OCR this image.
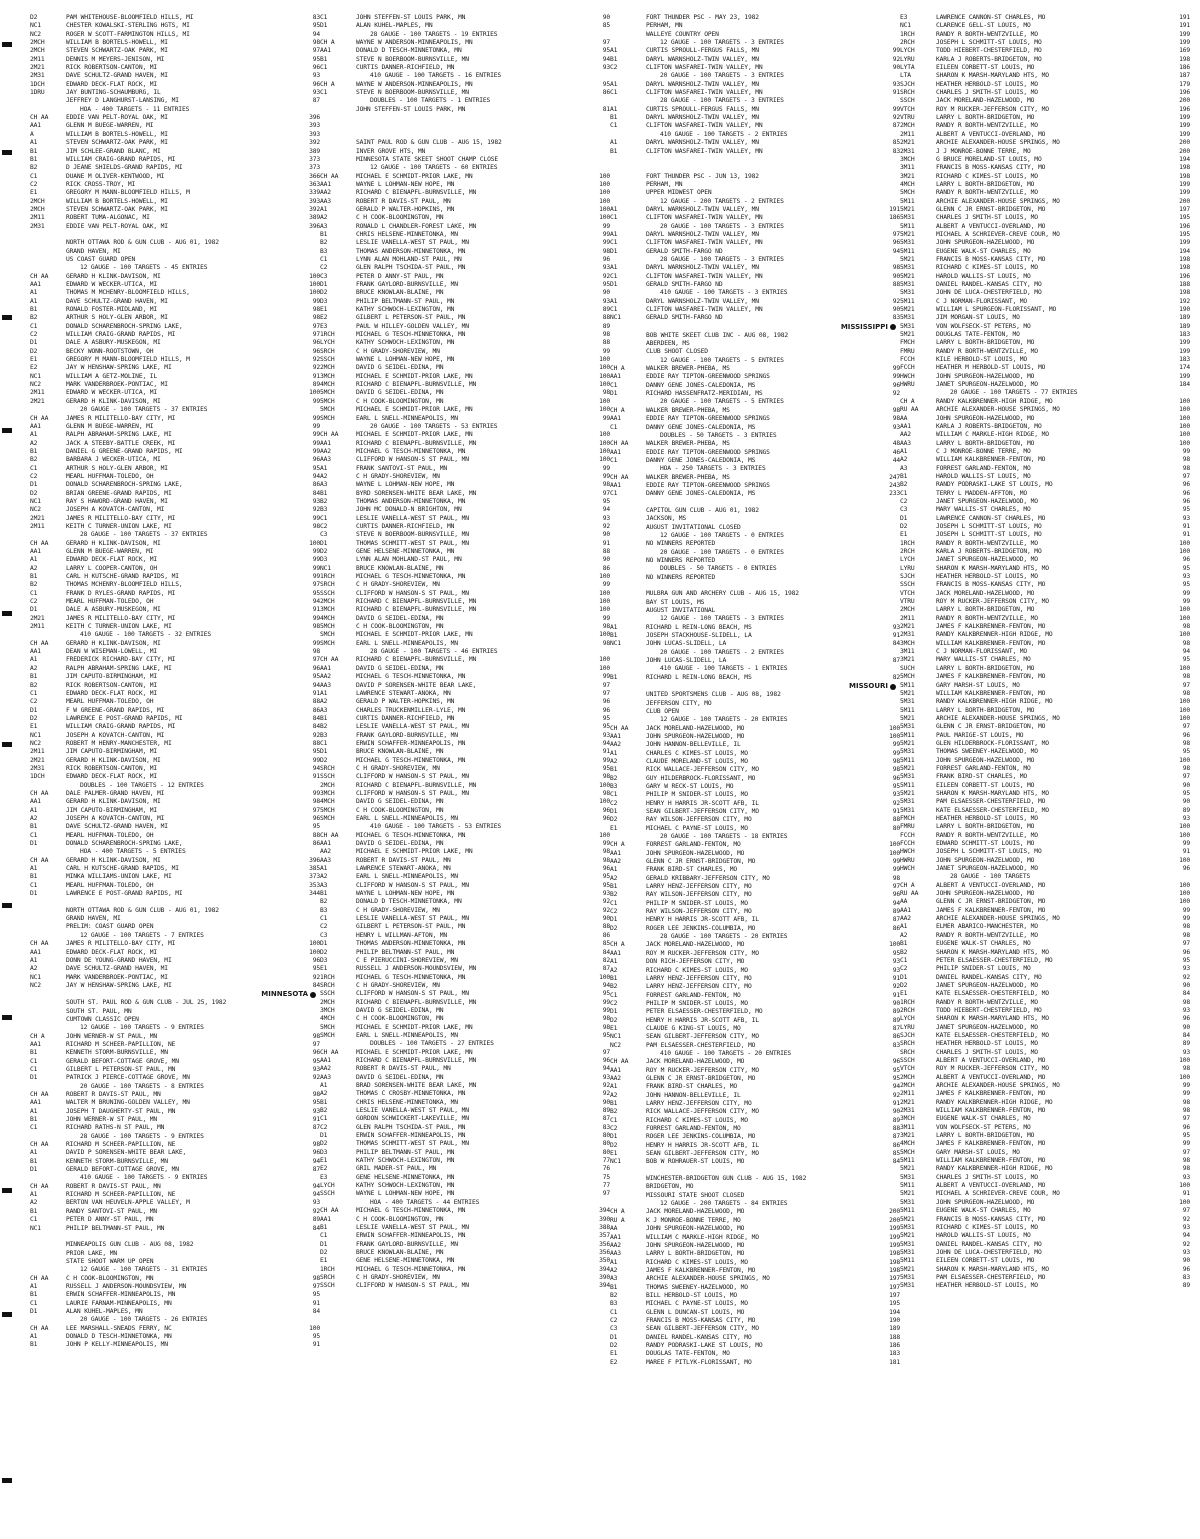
D2	PAM WHITEHOUSE-BLOOMFIELD HILLS, MI	83
NC1	CHESTER KOWALSKI-STERLING HGTS, MI	95
NC2	ROGER W SCOTT-FARMINGTON HILLS, MI	94
2MCH	WILLIAM B BORTELS-HOWELL, MI	98
2MCH	STEVEN SCHWARTZ-OAK PARK, MI	97
2M11	DENNIS M MEYERS-JENISON, MI	95
2M21	RICK ROBERTSON-CANTON, MI	96
2M31	DAVE SCHULTZ-GRAND HAVEN, MI	93
1DCH	EDWARD DECK-FLAT ROCK, MI	96
1DRU	JAY BUNTING-SCHAUMBURG, IL	93
JEFFREY D LANGHURST-LANSING, MI	87
HOA - 400 TARGETS - 11 ENTRIES
CH AA	EDDIE VAN PELT-ROYAL OAK, MI	396
AA1	GLENN M BUEGE-WARREN, MI	393
A	WILLIAM B BORTELS-HOWELL, MI	393
A1	STEVEN SCHWARTZ-OAK PARK, MI	392
B1	JIM SCHLEE-GRAND BLANC, MI	389
B1	WILLIAM CRAIG-GRAND RAPIDS, MI	373
B2	D JEANE SHIELDS-GRAND RAPIDS, MI	373
C1	DUANE M OLIVER-KENTWOOD, MI	366
C2	RICK CROSS-TROY, MI	363
E1	GREGORY M MANN-BLOOMFIELD HILLS, M	339
2MCH	WILLIAM B BORTELS-HOWELL, MI	393
2MCH	STEVEN SCHWARTZ-OAK PARK, MI	392
2M11	ROBERT TUMA-ALGONAC, MI	389
2M31	EDDIE VAN PELT-ROYAL OAK, MI	396
NORTH OTTAWA ROD & GUN CLUB - AUG 01, 1982
GRAND HAVEN, MI
US COAST GUARD OPEN
12 GAUGE - 100 TARGETS - 45 ENTRIES
CH AA	GERARD H KLINK-DAVISON, MI	100
AA1	EDWARD W WECKER-UTICA, MI	100
A1	THOMAS M MCHENRY-BLOOMFIELD HILLS,	100
A1	DAVE SCHULTZ-GRAND HAVEN, MI	99
B1	RONALD FOSTER-MIDLAND, MI	98
B2	ARTHUR S HOLY-GLEN ARBOR, MI	98
C1	DONALD SCHARENBROCH-SPRING LAKE,	97
C2	WILLIAM CRAIG-GRAND RAPIDS, MI	97
D1	DALE A ASBURY-MUSKEGON, MI	96
D2	BECKY WONN-ROOTSTOWN, OH	96
E1	GREGORY M MANN-BLOOMFIELD HILLS, M	92
E2	JAY W HENSHAW-SPRING LAKE, MI	92
NC1	WILLIAM A GETZ-MOLINE, IL	91
NC2	MARK VANDERBROEK-PONTIAC, MI	89
2M11	EDWARD W WECKER-UTICA, MI	100
2M21	GERARD H KLINK-DAVISON, MI	99
20 GAUGE - 100 TARGETS - 37 ENTRIES
CH AA	JAMES R MILITELLO-BAY CITY, MI	99
AA1	GLENN M BUEGE-WARREN, MI	99
A1	RALPH ABRAHAM-SPRING LAKE, MI	99
A2	JACK A STEEBY-BATTLE CREEK, MI	99
B1	DANIEL G GREENE-GRAND RAPIDS, MI	99
B2	BARBARA J WECKER-UTICA, MI	96
C1	ARTHUR S HOLY-GLEN ARBOR, MI	95
C2	MEARL HUFFMAN-TOLEDO, OH	94
D1	DONALD SCHARENBROCH-SPRING LAKE,	86
D2	BRIAN GREENE-GRAND RAPIDS, MI	84
NC1	RAY S HAWORD-GRAND HAVEN, MI	93
NC2	JOSEPH A KOVATCH-CANTON, MI	92
2M21	JAMES R MILITELLO-BAY CITY, MI	99
2M11	KEITH C TURNER-UNION LAKE, MI	98
28 GAUGE - 100 TARGETS - 37 ENTRIES
CH AA	GERARD H KLINK-DAVISON, MI	100
AA1	GLENN M BUEGE-WARREN, MI	99
A1	EDWARD DECK-FLAT ROCK, MI	99
A2	LARRY L COOPER-CANTON, OH	99
B1	CARL H KUTSCHE-GRAND RAPIDS, MI	99
B2	THOMAS MCHENRY-BLOOMFIELD HILLS,	97
C1	FRANK D RYLES-GRAND RAPIDS, MI	95
C2	MEARL HUFFMAN-TOLEDO, OH	94
D1	DALE A ASBURY-MUSKEGON, MI	91
2M21	JAMES R MILITELLO-BAY CITY, MI	99
2M11	KEITH C TURNER-UNION LAKE, MI	98
410 GAUGE - 100 TARGETS - 32 ENTRIES
CH AA	GERARD H KLINK-DAVISON, MI	99
AA1	DEAN W WISEMAN-LOWELL, MI	98
A1	FREDERICK RICHARD-BAY CITY, MI	97
A2	RALPH ABRAHAM-SPRING LAKE, MI	96
B1	JIM CAPUTO-BIRMINGHAM, MI	95
B2	RICK ROBERTSON-CANTON, MI	94
C1	EDWARD DECK-FLAT ROCK, MI	91
C2	MEARL HUFFMAN-TOLEDO, OH	88
D1	F W GREENE-GRAND RAPIDS, MI	86
D2	LAWRENCE E POST-GRAND RAPIDS, MI	84
E1	WILLIAM CRAIG-GRAND RAPIDS, MI	84
NC1	JOSEPH A KOVATCH-CANTON, MI	92
NC2	ROBERT M HENRY-MANCHESTER, MI	88
2M11	JIM CAPUTO-BIRMINGHAM, MI	95
2M21	GERARD H KLINK-DAVISON, MI	99
2M31	RICK ROBERTSON-CANTON, MI	94
1DCH	EDWARD DECK-FLAT ROCK, MI	91
DOUBLES - 100 TARGETS - 12 ENTRIES
CH AA	DALE PALMER-GRAND HAVEN, MI	99
AA1	GERARD H KLINK-DAVISON, MI	98
A1	JIM CAPUTO-BIRMINGHAM, MI	97
A2	JOSEPH A KOVATCH-CANTON, MI	96
B1	DAVE SCHULTZ-GRAND HAVEN, MI	95
C1	MEARL HUFFMAN-TOLEDO, OH	88
D1	DONALD SCHARENBROCH-SPRING LAKE,	86
HOA - 400 TARGETS - 5 ENTRIES
CH AA	GERARD H KLINK-DAVISON, MI	396
A1	CARL H KUTSCHE-GRAND RAPIDS, MI	385
B1	MINKA WILLIAMS-UNION LAKE, MI	373
C1	MEARL HUFFMAN-TOLEDO, OH	353
D1	LAWRENCE E POST-GRAND RAPIDS, MI	344
NORTH OTTAWA ROD & GUN CLUB - AUG 01, 1982
GRAND HAVEN, MI
PRELIM: COAST GUARD OPEN
12 GAUGE - 100 TARGETS - 7 ENTRIES
CH AA	JAMES R MILITELLO-BAY CITY, MI	100
AA1	EDWARD DECK-FLAT ROCK, MI	100
A1	DONN DE YOUNG-GRAND HAVEN, MI	96
A2	DAVE SCHULTZ-GRAND HAVEN, MI	95
NC1	MARK VANDERBROEK-PONTIAC, MI	92
NC2	JAY W HENSHAW-SPRING LAKE, MI	84
MINNESOTA
SOUTH ST. PAUL ROD & GUN CLUB - JUL 25, 1982
SOUTH ST. PAUL, MN
CUMTOWN CLASSIC OPEN
12 GAUGE - 100 TARGETS - 9 ENTRIES
CH A	JOHN WERNER-W ST PAUL, MN	98
AA1	RICHARD M SCHEER-PAPILLION, NE	97
B1	KENNETH STORM-BURNSVILLE, MN	96
C1	GERALD BEFORT-COTTAGE GROVE, MN	95
C1	GILBERT L PETERSON-ST PAUL, MN	93
D1	PATRICK J PIERCE-COTTAGE GROVE, MN	92
20 GAUGE - 100 TARGETS - 8 ENTRIES
CH AA	ROBERT R DAVIS-ST PAUL, MN	98
AA1	WALTER M BRUNING-GOLDEN VALLEY, MN	95
A1	JOSEPH T DAUGHERTY-ST PAUL, MN	93
B1	JOHN WERNER-W ST PAUL, MN	91
C1	RICHARD RATHS-N ST PAUL, MN	87
28 GAUGE - 100 TARGETS - 9 ENTRIES
CH AA	RICHARD M SCHEER-PAPILLION, NE	98
A1	DAVID P SORENSEN-WHITE BEAR LAKE,	96
B1	KENNETH STORM-BURNSVILLE, MN	94
D1	GERALD BEFORT-COTTAGE GROVE, MN	87
410 GAUGE - 100 TARGETS - 9 ENTRIES
CH AA	ROBERT R DAVIS-ST PAUL, MN	94
A1	RICHARD M SCHEER-PAPILLION, NE	94
A2	BERTON VAN HEUVELN-APPLE VALLEY, M	93
B1	RANDY SANTOVI-ST PAUL, MN	92
C1	PETER D ANNY-ST PAUL, MN	89
NC1	PHILIP BELTMANN-ST PAUL, MN	84
MINNEAPOLIS GUN CLUB - AUG 08, 1982
PRIOR LAKE, MN
STATE SHOOT WARM UP OPEN
12 GAUGE - 100 TARGETS - 31 ENTRIES
CH AA	C H COOK-BLOOMINGTON, MN	98
A1	RUSSELL J ANDERSON-MOUNDSVIEW, MN	97
B1	ERWIN SCHAFFER-MINNEAPOLIS, MN	95
C1	LAURIE FARNAM-MINNEAPOLIS, MN	91
D1	ALAN KUHEL-MAPLES, MN	84
20 GAUGE - 100 TARGETS - 26 ENTRIES
CH AA	LEE MARSHALL-SNEADS FERRY, NC	100
A1	DONALD D TESCH-MINNETONKA, MN	95
B1	JOHN P KELLY-MINNEAPOLIS, MN	91
C1	JOHN STEFFEN-ST LOUIS PARK, MN	90
D1	ALAN KUHEL-MAPLES, MN	85
28 GAUGE - 100 TARGETS - 19 ENTRIES
CH A	WAYNE W ANDERSON-MINNEAPOLIS, MN	97
AA1	DONALD D TESCH-MINNETONKA, MN	95
B1	STEVE N BOERBOOM-BURNSVILLE, MN	94
C1	CURTIS DANNER-RICHFIELD, MN	93
410 GAUGE - 100 TARGETS - 16 ENTRIES
CH A	WAYNE W ANDERSON-MINNEAPOLIS, MN	95
C1	STEVE N BOERBOOM-BURNSVILLE, MN	86
DOUBLES - 100 TARGETS - 1 ENTRIES
JOHN STEFFEN-ST LOUIS PARK, MN	81
SAINT PAUL ROD & GUN CLUB - AUG 15, 1982
INVER GROVE HTS, MN
MINNESOTA STATE SKEET SHOOT CHAMP CLOSE
12 GAUGE - 100 TARGETS - 60 ENTRIES
CH AA	MICHAEL E SCHMIDT-PRIOR LAKE, MN	100
AA1	WAYNE L LOHMAN-NEW HOPE, MN	100
AA2	RICHARD C BIENAPFL-BURNSVILLE, MN	100
AA3	ROBERT R DAVIS-ST PAUL, MN	100
A1	GERALD P WALTER-HOPKINS, MN	100
A2	C H COOK-BLOOMINGTON, MN	100
A3	RONALD L CHANDLER-FOREST LAKE, MN	99
B1	CHRIS HELSENE-MINNETONKA, MN	99
B2	LESLIE VANELLA-WEST ST PAUL, MN	99
B3	THOMAS ANDERSON-MINNETONKA, MN	98
C1	LYNN ALAN MOHLAND-ST PAUL, MN	96
C2	GLEN RALPH TSCHIDA-ST PAUL, MN	93
C3	PETER D ANNY-ST PAUL, MN	92
D1	FRANK GAYLORD-BURNSVILLE, MN	95
D2	BRUCE KNOWLAN-BLAINE, MN	90
D3	PHILIP BELTMANN-ST PAUL, MN	93
E1	KATHY SCHWOCH-LEXINGTON, MN	89
E2	GILBERT L PETERSON-ST PAUL, MN	88
E3	PAUL W HILLEY-GOLDEN VALLEY, MN	89
1RCH	MICHAEL G TESCH-MINNETONKA, MN	98
LYCH	KATHY SCHWOCH-LEXINGTON, MN	88
SRCH	C H GRADY-SHOREVIEW, MN	99
SSCH	WAYNE L LOHMAN-NEW HOPE, MN	100
2MCH	DAVID G SEIDEL-EDINA, MN	100
3MCH	MICHAEL E SCHMIDT-PRIOR LAKE, MN	100
4MCH	RICHARD C BIENAPFL-BURNSVILLE, MN	100
5MCH	DAVID G SEIDEL-EDINA, MN	98
5MCH	C H COOK-BLOOMINGTON, MN	100
5MCH	MICHAEL E SCHMIDT-PRIOR LAKE, MN	100
SMCH	EARL L SNELL-MINNEAPOLIS, MN	99
20 GAUGE - 100 TARGETS - 53 ENTRIES
CH AA	MICHAEL E SCHMIDT-PRIOR LAKE, MN	100
AA1	RICHARD C BIENAPFL-BURNSVILLE, MN	100
AA2	MICHAEL G TESCH-MINNETONKA, MN	100
AA3	CLIFFORD W HANSON-S ST PAUL, MN	100
A1	FRANK SANTOVI-ST PAUL, MN	99
A2	C H GRADY-SHOREVIEW, MN	99
A3	WAYNE L LOHMAN-NEW HOPE, MN	98
B1	BYRD SORENSEN-WHITE BEAR LAKE, MN	97
B2	THOMAS ANDERSON-MINNETONKA, MN	95
B3	JOHN MC DONALD-N BRIGHTON, MN	94
C1	LESLIE VANELLA-WEST ST PAUL, MN	93
C2	CURTIS DANNER-RICHFIELD, MN	92
C3	STEVE N BOERBOOM-BURNSVILLE, MN	90
D1	THOMAS SCHMITT-WEST ST PAUL, MN	91
D2	GENE HELSENE-MINNETONKA, MN	88
D3	LYNN ALAN MOHLAND-ST PAUL, MN	90
NC1	BRUCE KNOWLAN-BLAINE, MN	86
1RCH	MICHAEL G TESCH-MINNETONKA, MN	100
SRCH	C H GRADY-SHOREVIEW, MN	99
SSCH	CLIFFORD W HANSON-S ST PAUL, MN	100
2MCH	RICHARD C BIENAPFL-BURNSVILLE, MN	100
3MCH	RICHARD C BIENAPFL-BURNSVILLE, MN	100
4MCH	DAVID G SEIDEL-EDINA, MN	99
5MCH	C H COOK-BLOOMINGTON, MN	98
SMCH	MICHAEL E SCHMIDT-PRIOR LAKE, MN	100
SMCH	EARL L SNELL-MINNEAPOLIS, MN	98
28 GAUGE - 100 TARGETS - 46 ENTRIES
CH AA	RICHARD C BIENAPFL-BURNSVILLE, MN	100
AA1	DAVID G SEIDEL-EDINA, MN	100
AA2	MICHAEL G TESCH-MINNETONKA, MN	99
AA3	DAVID P SORENSEN-WHITE BEAR LAKE,	97
A1	LAWRENCE STEWART-ANOKA, MN	97
A2	GERALD P WALTER-HOPKINS, MN	96
A3	CHARLES TRUCKENMILLER-LYLE, MN	96
B1	CURTIS DANNER-RICHFIELD, MN	95
B2	LESLIE VANELLA-WEST ST PAUL, MN	95
B3	FRANK GAYLORD-BURNSVILLE, MN	93
C1	ERWIN SCHAFFER-MINNEAPOLIS, MN	94
D1	BRUCE KNOWLAN-BLAINE, MN	91
D2	MICHAEL G TESCH-MINNETONKA, MN	99
SRCH	C H GRADY-SHOREVIEW, MN	95
SSCH	CLIFFORD W HANSON-S ST PAUL, MN	98
2MCH	RICHARD C BIENAPFL-BURNSVILLE, MN	100
3MCH	CLIFFORD W HANSON-S ST PAUL, MN	98
4MCH	DAVID G SEIDEL-EDINA, MN	100
5MCH	C H COOK-BLOOMINGTON, MN	96
SMCH	EARL L SNELL-MINNEAPOLIS, MN	96
410 GAUGE - 100 TARGETS - 53 ENTRIES
CH AA	MICHAEL G TESCH-MINNETONKA, MN	100
AA1	DAVID G SEIDEL-EDINA, MN	99
AA2	MICHAEL E SCHMIDT-PRIOR LAKE, MN	98
AA3	ROBERT R DAVIS-ST PAUL, MN	98
A1	LAWRENCE STEWART-ANOKA, MN	96
A2	EARL L SNELL-MINNEAPOLIS, MN	95
A3	CLIFFORD W HANSON-S ST PAUL, MN	95
B1	WAYNE L LOHMAN-NEW HOPE, MN	93
B2	DONALD D TESCH-MINNETONKA, MN	92
B3	C H GRADY-SHOREVIEW, MN	92
C1	LESLIE VANELLA-WEST ST PAUL, MN	90
C2	GILBERT L PETERSON-ST PAUL, MN	88
C3	HENRY L WILLMAN-AFTON, MN	86
D1	THOMAS ANDERSON-MINNETONKA, MN	85
D2	PHILIP BELTMANN-ST PAUL, MN	84
D3	C E PIERUCCINI-SHOREVIEW, MN	82
E1	RUSSELL J ANDERSON-MOUNDSVIEW, MN	87
1RCH	MICHAEL G TESCH-MINNETONKA, MN	100
SRCH	C H GRADY-SHOREVIEW, MN	94
SSCH	CLIFFORD W HANSON-S ST PAUL, MN	95
2MCH	RICHARD C BIENAPFL-BURNSVILLE, MN	99
3MCH	DAVID G SEIDEL-EDINA, MN	99
4MCH	C H COOK-BLOOMINGTON, MN	98
5MCH	MICHAEL E SCHMIDT-PRIOR LAKE, MN	98
SMCH	EARL L SNELL-MINNEAPOLIS, MN	95
DOUBLES - 100 TARGETS - 27 ENTRIES
CH AA	MICHAEL E SCHMIDT-PRIOR LAKE, MN	97
AA1	RICHARD C BIENAPFL-BURNSVILLE, MN	96
AA2	ROBERT R DAVIS-ST PAUL, MN	94
AA3	DAVID G SEIDEL-EDINA, MN	93
A1	BRAD SORENSEN-WHITE BEAR LAKE, MN	92
A2	THOMAS C CROSBY-MINNETONKA, MN	92
B1	CHRIS HELSENE-MINNETONKA, MN	90
B2	LESLIE VANELLA-WEST ST PAUL, MN	89
C1	GORDON SCHWICKERT-LAKEVILLE, MN	87
C2	GLEN RALPH TSCHIDA-ST PAUL, MN	83
D1	ERWIN SCHAFFER-MINNEAPOLIS, MN	80
D2	THOMAS SCHMITT-WEST ST PAUL, MN	80
D3	PHILIP BELTMANN-ST PAUL, MN	80
E1	KATHY SCHWOCH-LEXINGTON, MN	77
E2	GRIL MADER-ST PAUL, MN	76
E3	GENE HELSENE-MINNETONKA, MN	75
LYCH	KATHY SCHWOCH-LEXINGTON, MN	77
SSCH	WAYNE L LOHMAN-NEW HOPE, MN	97
HOA - 400 TARGETS - 44 ENTRIES
CH AA	MICHAEL G TESCH-MINNETONKA, MN	394
AA1	C H COOK-BLOOMINGTON, MN	390
B1	LESLIE VANELLA-WEST ST PAUL, MN	388
C1	ERWIN SCHAFFER-MINNEAPOLIS, MN	357
D1	FRANK GAYLORD-BURNSVILLE, MN	356
D2	BRUCE KNOWLAN-BLAINE, MN	356
E1	GENE HELSENE-MINNETONKA, MN	350
1RCH	MICHAEL G TESCH-MINNETONKA, MN	394
SRCH	C H GRADY-SHOREVIEW, MN	390
SSCH	CLIFFORD W HANSON-S ST PAUL, MN	394
FORT THUNDER PSC - MAY 23, 1982
PERHAM, MN
WALLEYE COUNTRY OPEN
12 GAUGE - 100 TARGETS - 3 ENTRIES
A1	CURTIS SPROULL-FERGUS FALLS, MN	99
B1	DARYL WARNSHOLZ-TWIN VALLEY, MN	92
C2	CLIFTON WASFAREI-TWIN VALLEY, MN	90
20 GAUGE - 100 TARGETS - 3 ENTRIES
A1	DARYL WARNSHOLZ-TWIN VALLEY, MN	93
C1	CLIFTON WASFAREI-TWIN VALLEY, MN	91
28 GAUGE - 100 TARGETS - 3 ENTRIES
A1	CURTIS SPROULL-FERGUS FALLS, MN	99
B1	DARYL WARNSHOLZ-TWIN VALLEY, MN	92
C1	CLIFTON WASFAREI-TWIN VALLEY, MN	87
410 GAUGE - 100 TARGETS - 2 ENTRIES
A1	DARYL WARNSHOLZ-TWIN VALLEY, MN	85
B1	CLIFTON WASFAREI-TWIN VALLEY, MN	83
FORT THUNDER PSC - JUN 13, 1982
PERHAM, MN
UPPER MIDWEST OPEN
12 GAUGE - 200 TARGETS - 2 ENTRIES
A1	DARYL WARNSHOLZ-TWIN VALLEY, MN	191
C1	CLIFTON WASFAREI-TWIN VALLEY, MN	186
20 GAUGE - 100 TARGETS - 3 ENTRIES
A1	DARYL WARNSHOLZ-TWIN VALLEY, MN	97
C1	CLIFTON WASFAREI-TWIN VALLEY, MN	96
D1	GERALD SMITH-FARGO ND	94
28 GAUGE - 100 TARGETS - 3 ENTRIES
A1	DARYL WARNSHOLZ-TWIN VALLEY, MN	98
C1	CLIFTON WASFAREI-TWIN VALLEY, MN	90
D1	GERALD SMITH-FARGO ND	88
410 GAUGE - 100 TARGETS - 3 ENTRIES
A1	DARYL WARNSHOLZ-TWIN VALLEY, MN	92
C1	CLIFTON WASFAREI-TWIN VALLEY, MN	90
NC1	GERALD SMITH-FARGO ND	83
MISSISSIPPI
BOB WHITE SKEET CLUB INC - AUG 08, 1982
ABERDEEN, MS
CLUB SHOOT CLOSED
12 GAUGE - 100 TARGETS - 5 ENTRIES
CH A	WALKER BREWER-PHEBA, MS	99
AA1	EDDIE RAY TIPTON-GREENWOOD SPRINGS	99
C1	DANNY GENE JONES-CALEDONIA, MS	96
D1	RICHARD HASSENFRATZ-MERIDIAN, MS	92
20 GAUGE - 100 TARGETS - 5 ENTRIES
CH A	WALKER BREWER-PHEBA, MS	98
AA1	EDDIE RAY TIPTON-GREENWOOD SPRINGS	98
C1	DANNY GENE JONES-CALEDONIA, MS	93
DOUBLES - 50 TARGETS - 3 ENTRIES
CH AA	WALKER BREWER-PHEBA, MS	48
AA1	EDDIE RAY TIPTON-GREENWOOD SPRINGS	46
C1	DANNY GENE JONES-CALEDONIA, MS	44
HOA - 250 TARGETS - 3 ENTRIES
CH AA	WALKER BREWER-PHEBA, MS	247
AA1	EDDIE RAY TIPTON-GREENWOOD SPRINGS	243
C1	DANNY GENE JONES-CALEDONIA, MS	233
CAPITOL GUN CLUB - AUG 01, 1982
JACKSON, MS
AUGUST INVITATIONAL CLOSED
12 GAUGE - 100 TARGETS - 0 ENTRIES
NO WINNERS REPORTED
20 GAUGE - 100 TARGETS - 0 ENTRIES
NO WINNERS REPORTED
DOUBLES - 50 TARGETS - 0 ENTRIES
NO WINNERS REPORTED
MULBRA GUN AND ARCHERY CLUB - AUG 15, 1982
BAY ST LOUIS, MS
AUGUST INVITATIONAL
12 GAUGE - 100 TARGETS - 3 ENTRIES
A1	RICHARD L REIN-LONG BEACH, MS	93
B1	JOSEPH STACKHOUSE-SLIDELL, LA	91
NC1	JOHN LUCAS-SLIDELL, LA	84
20 GAUGE - 100 TARGETS - 2 ENTRIES
JOHN LUCAS-SLIDELL, LA	87
410 GAUGE - 100 TARGETS - 1 ENTRIES
B1	RICHARD L REIN-LONG BEACH, MS	82
MISSOURI
UNITED SPORTSMENS CLUB - AUG 08, 1982
JEFFERSON CITY, MO
CLUB OPEN
12 GAUGE - 100 TARGETS - 20 ENTRIES
CH AA	JACK MORELAND-HAZELWOOD, MO	100
AA1	JOHN SPURGEON-HAZELWOOD, MO	100
AA2	JOHN HANNON-BELLEVILLE, IL	99
A1	CHARLES C KIMES-ST LOUIS, MO	99
A2	CLAUDE MORELAND-ST LOUIS, MO	98
B1	RICK WALLACE-JEFFERSON CITY, MO	98
B2	GUY HILDERBROCK-FLORISSANT, MO	96
B3	GARY W RECK-ST LOUIS, MO	95
C1	PHILIP M SNIDER-ST LOUIS, MO	93
C2	HENRY H HARRIS JR-SCOTT AFB, IL	92
D1	SEAN GILBERT-JEFFERSON CITY, MO	91
D2	RAY WILSON-JEFFERSON CITY, MO	88
E1	MICHAEL C PAYNE-ST LOUIS, MO	80
20 GAUGE - 100 TARGETS - 18 ENTRIES
CH A	FORREST GARLAND-FENTON, MO	100
AA1	JOHN SPURGEON-HAZELWOOD, MO	100
AA2	GLENN C JR ERNST-BRIDGETON, MO	99
A1	FRANK BIRD-ST CHARLES, MO	99
A2	GERALD KRIBBARY-JEFFERSON CITY, MO	98
B1	LARRY HENZ-JEFFERSON CITY, MO	97
B2	RAY WILSON-JEFFERSON CITY, MO	96
C1	PHILIP M SNIDER-ST LOUIS, MO	94
C2	RAY WILSON-JEFFERSON CITY, MO	89
D1	HENRY H HARRIS JR-SCOTT AFB, IL	87
D2	ROGER LEE JENKINS-COLUMBIA, MO	86
28 GAUGE - 100 TARGETS - 20 ENTRIES
CH A	JACK MORELAND-HAZELWOOD, MO	100
AA1	ROY M RUCKER-JEFFERSON CITY, MO	95
A1	DON RICH-JEFFERSON CITY, MO	93
A2	RICHARD C KIMES-ST LOUIS, MO	93
B1	LARRY HENZ-JEFFERSON CITY, MO	91
B2	LARRY HENZ-JEFFERSON CITY, MO	92
C1	FORREST GARLAND-FENTON, MO	91
C2	PHILIP M SNIDER-ST LOUIS, MO	90
D1	PETER ELSAESSER-CHESTERFIELD, MO	89
D2	HENRY H HARRIS JR-SCOTT AFB, IL	89
E1	CLAUDE G KING-ST LOUIS, MO	87
NC1	SEAN GILBERT-JEFFERSON CITY, MO	86
NC2	PAM ELSAESSER-CHESTERFIELD, MO	83
410 GAUGE - 100 TARGETS - 20 ENTRIES
CH AA	JACK MORELAND-HAZELWOOD, MO	96
AA1	ROY M RUCKER-JEFFERSON CITY, MO	95
AA2	GLENN C JR ERNST-BRIDGETON, MO	95
A1	FRANK BIRD-ST CHARLES, MO	94
A2	JOHN HANNON-BELLEVILLE, IL	92
B1	LARRY HENZ-JEFFERSON CITY, MO	91
B2	RICK WALLACE-JEFFERSON CITY, MO	90
C1	RICHARD C KIMES-ST LOUIS, MO	89
C2	FORREST GARLAND-FENTON, MO	88
D1	ROGER LEE JENKINS-COLUMBIA, MO	87
D2	HENRY H HARRIS JR-SCOTT AFB, IL	86
E1	SEAN GILBERT-JEFFERSON CITY, MO	85
NC1	BOB W ROHRAUER-ST LOUIS, MO	84
WINCHESTER-BRIDGETON GUN CLUB - AUG 15, 1982
BRIDGETON, MO
MISSOURI STATE SHOOT CLOSED
12 GAUGE - 200 TARGETS - 84 ENTRIES
CH A	JACK MORELAND-HAZELWOOD, MO	200
RU A	K J MONROE-BONNE TERRE, MO	200
AA	JOHN SPURGEON-HAZELWOOD, MO	199
AA1	WILLIAM C MARKLE-HIGH RIDGE, MO	199
AA2	JOHN SPURGEON-HAZELWOOD, MO	199
AA3	LARRY L BORTH-BRIDGETON, MO	198
A1	RICHARD C KIMES-ST LOUIS, MO	198
A2	JAMES F KALKBRENNER-FENTON, MO	198
A3	ARCHIE ALEXANDER-HOUSE SPRINGS, MO	197
B1	THOMAS SWEENEY-HAZELWOOD, MO	197
B2	BILL HERBOLD-ST LOUIS, MO	197
B3	MICHAEL C PAYNE-ST LOUIS, MO	195
C1	GLENN L DUNCAN-ST LOUIS, MO	194
C2	FRANCIS B MOSS-KANSAS CITY, MO	190
C3	SEAN GILBERT-JEFFERSON CITY, MO	189
D1	DANIEL RANDEL-KANSAS CITY, MO	188
D2	RANDY PODRASKI-LAKE ST LOUIS, MO	186
E1	DOUGLAS TATE-FENTON, MO	183
E2	MAREE F PITLYK-FLORISSANT, MO	181
E3	LAWRENCE CANNON-ST CHARLES, MO	191
NC1	CLARENCE GELL-ST LOUIS, MO	191
1RCH	RANDY R BORTH-WENTZVILLE, MO	199
2RCH	JOSEPH L SCHMITT-ST LOUIS, MO	199
LYCH	TODD HIEBERT-CHESTERFIELD, MO	169
LYRU	KARLA J ROBERTS-BRIDGETON, MO	198
LYTA	EILEEN CORBETT-ST LOUIS, MO	186
LTA	SHARON K MARSH-MARYLAND HTS, MO	187
SJCH	HEATHER HERBOLD-ST LOUIS, MO	179
SRCH	CHARLES J SMITH-ST LOUIS, MO	196
SSCH	JACK MORELAND-HAZELWOOD, MO	200
VTCH	ROY M RUCKER-JEFFERSON CITY, MO	196
VTRU	LARRY L BORTH-BRIDGETON, MO	199
2MCH	RANDY R BORTH-WENTZVILLE, MO	199
2M11	ALBERT A VENTUCCI-OVERLAND, MO	199
2M21	ARCHIE ALEXANDER-HOUSE SPRINGS, MO	200
2M31	J J MONROE-BONNE TERRE, MO	200
3MCH	G BRUCE MORELAND-ST LOUIS, MO	194
3M11	FRANCIS B MOSS-KANSAS CITY, MO	198
3M21	RICHARD C KIMES-ST LOUIS, MO	198
4MCH	LARRY L BORTH-BRIDGETON, MO	199
5MCH	RANDY R BORTH-WENTZVILLE, MO	199
5M11	ARCHIE ALEXANDER-HOUSE SPRINGS, MO	200
5M21	GLENN C JR ERNST-BRIDGETON, MO	197
5M31	CHARLES J SMITH-ST LOUIS, MO	195
5M11	ALBERT A VENTUCCI-OVERLAND, MO	196
5M21	MICHAEL A SCHRIEVER-CREVE COUR, MO	195
5M31	JOHN SPURGEON-HAZELWOOD, MO	199
5M11	EUGENE WALK-ST CHARLES, MO	194
5M21	FRANCIS B MOSS-KANSAS CITY, MO	198
5M31	RICHARD C KIMES-ST LOUIS, MO	198
5M21	HAROLD WALLIS-ST LOUIS, MO	196
5M31	DANIEL RANDEL-KANSAS CITY, MO	188
5M31	JOHN DE LUCA-CHESTERFIELD, MO	198
5M11	C J NORMAN-FLORISSANT, MO	192
5M21	WILLIAM L SPURGEON-FLORISSANT, MO	190
5M31	JIM MORGAN-ST LOUIS, MO	189
5M31	VON WOLFSECK-ST PETERS, MO	189
5M21	DOUGLAS TATE-FENTON, MO	183
FMCH	LARRY L BORTH-BRIDGETON, MO	199
FMRU	RANDY R BORTH-WENTZVILLE, MO	199
FCCH	KILE HERBOLD-ST LOUIS, MO	183
FCCH	HEATHER M HERBOLD-ST LOUIS, MO	174
HWCH	JOHN SPURGEON-HAZELWOOD, MO	199
HWRU	JANET SPURGEON-HAZELWOOD, MO	184
20 GAUGE - 100 TARGETS - 77 ENTRIES
CH A	RANDY KALKBRENNER-HIGH RIDGE, MO	100
RU AA	ARCHIE ALEXANDER-HOUSE SPRINGS, MO	100
AA	JOHN SPURGEON-HAZELWOOD, MO	100
AA1	KARLA J ROBERTS-BRIDGETON, MO	100
AA2	WILLIAM C MARKLE-HIGH RIDGE, MO	100
AA3	LARRY L BORTH-BRIDGETON, MO	100
A1	C J MONROE-BONNE TERRE, MO	99
A2	WILLIAM KALKBRENNER-FENTON, MO	98
A3	FORREST GARLAND-FENTON, MO	98
B1	HAROLD WALLIS-ST LOUIS, MO	97
B2	RANDY PODRASKI-LAKE ST LOUIS, MO	96
C1	TERRY L MADDEN-AFFTON, MO	96
C2	JANET SPURGEON-HAZELWOOD, MO	96
C3	MARY WALLIS-ST CHARLES, MO	95
D1	LAWRENCE CANNON-ST CHARLES, MO	93
D2	JOSEPH L SCHMITT-ST LOUIS, MO	91
E1	JOSEPH L SCHMITT-ST LOUIS, MO	91
1RCH	RANDY R BORTH-WENTZVILLE, MO	100
2RCH	KARLA J ROBERTS-BRIDGETON, MO	100
LYCH	JANET SPURGEON-HAZELWOOD, MO	96
LYRU	SHARON K MARSH-MARYLAND HTS, MO	95
SJCH	HEATHER HERBOLD-ST LOUIS, MO	93
SSCH	FRANCIS B MOSS-KANSAS CITY, MO	95
VTCH	JACK MORELAND-HAZELWOOD, MO	99
VTRU	ROY M RUCKER-JEFFERSON CITY, MO	99
2MCH	LARRY L BORTH-BRIDGETON, MO	100
2M11	RANDY R BORTH-WENTZVILLE, MO	100
2M21	JAMES F KALKBRENNER-FENTON, MO	98
2M31	RANDY KALKBRENNER-HIGH RIDGE, MO	100
3MCH	WILLIAM KALKBRENNER-FENTON, MO	98
3M11	C J NORMAN-FLORISSANT, MO	94
3M21	MARY WALLIS-ST CHARLES, MO	95
SUCH	LARRY L BORTH-BRIDGETON, MO	100
5MCH	JAMES F KALKBRENNER-FENTON, MO	98
5M11	GARY MARSH-ST LOUIS, MO	97
5M21	WILLIAM KALKBRENNER-FENTON, MO	98
5M31	RANDY KALKBRENNER-HIGH RIDGE, MO	100
5M11	LARRY L BORTH-BRIDGETON, MO	100
5M21	ARCHIE ALEXANDER-HOUSE SPRINGS, MO	100
5M31	GLENN C JR ERNST-BRIDGETON, MO	97
5M11	PAUL MARIGE-ST LOUIS, MO	96
5M21	GLEN HILDERBROCK-FLORISSANT, MO	98
5M31	THOMAS SWEENEY-HAZELWOOD, MO	95
5M11	JOHN SPURGEON-HAZELWOOD, MO	100
5M21	FORREST GARLAND-FENTON, MO	98
5M31	FRANK BIRD-ST CHARLES, MO	97
5M11	EILEEN CORBETT-ST LOUIS, MO	90
5M21	SHARON K MARSH-MARYLAND HTS, MO	95
5M31	PAM ELSAESSER-CHESTERFIELD, MO	90
5M31	KATE ELSAESSER-CHESTERFIELD, MO	89
FMCH	HEATHER HERBOLD-ST LOUIS, MO	93
FMRU	LARRY L BORTH-BRIDGETON, MO	100
FCCH	RANDY R BORTH-WENTZVILLE, MO	100
FCCH	EDWARD SCHMITT-ST LOUIS, MO	99
HWCH	JOSEPH L SCHMITT-ST LOUIS, MO	91
HWRU	JOHN SPURGEON-HAZELWOOD, MO	100
HWCH	JANET SPURGEON-HAZELWOOD, MO	96
28 GAUGE - 100 TARGETS
CH A	ALBERT A VENTUCCI-OVERLAND, MO	100
RU AA	JOHN SPURGEON-HAZELWOOD, MO	100
AA	GLENN C JR ERNST-BRIDGETON, MO	100
AA1	JAMES F KALKBRENNER-FENTON, MO	99
AA2	ARCHIE ALEXANDER-HOUSE SPRINGS, MO	99
A1	ELMER ABARICO-MANCHESTER, MO	98
A2	RANDY R BORTH-WENTZVILLE, MO	98
B1	EUGENE WALK-ST CHARLES, MO	97
B2	SHARON K MARSH-MARYLAND HTS, MO	96
C1	PETER ELSAESSER-CHESTERFIELD, MO	95
C2	PHILIP SNIDER-ST LOUIS, MO	93
D1	DANIEL RANDEL-KANSAS CITY, MO	92
D2	JANET SPURGEON-HAZELWOOD, MO	90
E1	KATE ELSAESSER-CHESTERFIELD, MO	84
1RCH	RANDY R BORTH-WENTZVILLE, MO	98
2RCH	TODD HIEBERT-CHESTERFIELD, MO	93
LYCH	SHARON K MARSH-MARYLAND HTS, MO	96
LYRU	JANET SPURGEON-HAZELWOOD, MO	90
SJCH	KATE ELSAESSER-CHESTERFIELD, MO	84
SRCH	HEATHER HERBOLD-ST LOUIS, MO	89
SRCH	CHARLES J SMITH-ST LOUIS, MO	93
SSCH	ALBERT A VENTUCCI-OVERLAND, MO	100
VTCH	ROY M RUCKER-JEFFERSON CITY, MO	98
2MCH	ALBERT A VENTUCCI-OVERLAND, MO	100
2MCH	ARCHIE ALEXANDER-HOUSE SPRINGS, MO	99
2M11	JAMES F KALKBRENNER-FENTON, MO	99
2M21	RANDY KALKBRENNER-HIGH RIDGE, MO	98
2M31	WILLIAM KALKBRENNER-FENTON, MO	98
3MCH	EUGENE WALK-ST CHARLES, MO	97
3M11	VON WOLFSECK-ST PETERS, MO	96
3M21	LARRY L BORTH-BRIDGETON, MO	95
4MCH	JAMES F KALKBRENNER-FENTON, MO	99
5MCH	GARY MARSH-ST LOUIS, MO	97
5M11	WILLIAM KALKBRENNER-FENTON, MO	98
5M21	RANDY KALKBRENNER-HIGH RIDGE, MO	98
5M31	CHARLES J SMITH-ST LOUIS, MO	93
5M11	ALBERT A VENTUCCI-OVERLAND, MO	100
5M21	MICHAEL A SCHRIEVER-CREVE COUR, MO	91
5M31	JOHN SPURGEON-HAZELWOOD, MO	100
5M11	EUGENE WALK-ST CHARLES, MO	97
5M21	FRANCIS B MOSS-KANSAS CITY, MO	92
5M31	RICHARD C KIMES-ST LOUIS, MO	93
5M21	HAROLD WALLIS-ST LOUIS, MO	94
5M31	DANIEL RANDEL-KANSAS CITY, MO	92
5M31	JOHN DE LUCA-CHESTERFIELD, MO	93
5M11	EILEEN CORBETT-ST LOUIS, MO	90
5M21	SHARON K MARSH-MARYLAND HTS, MO	96
5M31	PAM ELSAESSER-CHESTERFIELD, MO	83
5M31	HEATHER HERBOLD-ST LOUIS, MO	89
